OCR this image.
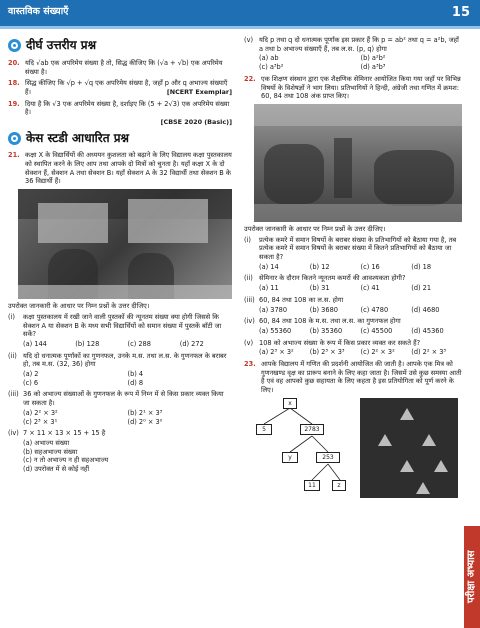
वास्तविक संख्याएँ	15
दीर्घ उत्तरीय प्रश्न
20. यदि √ab एक अपरिमेय संख्या है तो, सिद्ध कीजिए कि (√a + √b) एक अपरिमेय संख्या है।
18. सिद्ध कीजिए कि √p + √q एक अपरिमेय संख्या है, जहाँ p और q अभाज्य संख्याएँ हैं।	[NCERT Exemplar]
19. दिया है कि √3 एक अपरिमेय संख्या है, दर्शाइए कि (5 + 2√3) एक अपरिमेय संख्या है।
[CBSE 2020 (Basic)]
केस स्टडी आधारित प्रश्न
21. कक्षा X के विद्यार्थियों की अध्ययन कुशलता को बढ़ाने के लिए विद्यालय कक्षा पुस्तकालय को स्थापित करने के लिए आप तथा आपके दो मित्रों को चुनता है। यहाँ कक्षा X के दो सेक्शन हैं, सेक्शन A तथा सेक्शन B। यहाँ सेक्शन A के 32 विद्यार्थी तथा सेक्शन B के 36 विद्यार्थी हैं।
उपरोक्त जानकारी के आधार पर निम्न प्रश्नों के उत्तर दीजिए।
(i)	कक्षा पुस्तकालय में रखी जाने वाली पुस्तकों की न्यूनतम संख्या क्या होगी जिससे कि सेक्शन A या सेक्शन B के मध्य सभी विद्यार्थियों को समान संख्या में पुस्तकें बाँटी जा सकें?
(a) 144	(b) 128	(c) 288	(d) 272
(ii) यदि दो धनात्मक पूर्णांकों का गुणनफल, उनके म.स. तथा ल.स. के गुणनफल के बराबर हो, तब म.स. (32, 36) होगा
(a) 2	(b) 4
(c) 6	(d) 8
(iii) 36 को अभाज्य संख्याओं के गुणनफल के रूप में निम्न में से किस प्रकार व्यक्त किया जा सकता है।
(a) 2² × 3²	(b) 2¹ × 3³
(c) 2³ × 3¹	(d) 2⁰ × 3⁰
(iv) 7 × 11 × 13 × 15 + 15 है
(a) अभाज्य संख्या
(b) सहअभाज्य संख्या
(c) न तो अभाज्य न ही सहअभाज्य
(d) उपरोक्त में से कोई नहीं
(v) यदि p तथा q दो धनात्मक पूर्णांक इस प्रकार हैं कि p = ab² तथा q = a²b, जहाँ a तथा b अभाज्य संख्याएँ हैं, तब ल.स. (p, q) होगा
(a) ab	(b) a²b²
(c) a³b²	(d) a³b³
22. एक शिक्षण संस्थान द्वारा एक शैक्षणिक सेमिनार आयोजित किया गया जहाँ पर विभिन्न विषयों के विशेषज्ञों ने भाग लिया। प्रतिभागियों ने हिन्दी, अंग्रेजी तथा गणित में क्रमश: 60, 84 तथा 108 अंक प्राप्त किए।
उपरोक्त जानकारी के आधार पर निम्न प्रश्नों के उत्तर दीजिए।
(i)	प्रत्येक कमरे में समान विषयों के बराबर संख्या के प्रतिभागियों को बैठाया गया है, तब प्रत्येक कमरे में समान विषयों के बराबर संख्या में कितने प्रतिभागियों को बैठाया जा सकता है?
(a) 14	(b) 12	(c) 16	(d) 18
(ii) सेमिनार के दौरान कितने न्यूनतम कमरों की आवश्यकता होगी?
(a) 11	(b) 31	(c) 41	(d) 21
(iii) 60, 84 तथा 108 का ल.स. होगा
(a) 3780	(b) 3680	(c) 4780	(d) 4680
(iv) 60, 84 तथा 108 के म.स. तथा ल.स. का गुणनफल होगा
(a) 55360	(b) 35360	(c) 45500	(d) 45360
(v) 108 को अभाज्य संख्या के रूप में किस प्रकार व्यक्त कर सकते हैं?
(a) 2³ × 3²	(b) 2³ × 3³	(c) 2² × 3²	(d) 2² × 3³
23. आपके विद्यालय में गणित की प्रदर्शनी आयोजित की जाती है। आपके एक मित्र को गुणनखण्ड वृक्ष का प्रारूप बनाने के लिए कहा जाता है। जिसमें उसे कुछ समस्या आती है एवं वह आपको कुछ सहायता के लिए कहता है इस प्रतियोगिता को पूर्ण करने के लिए।
x
5	2783
y	253
11	z
परीक्षा अभ्यास
